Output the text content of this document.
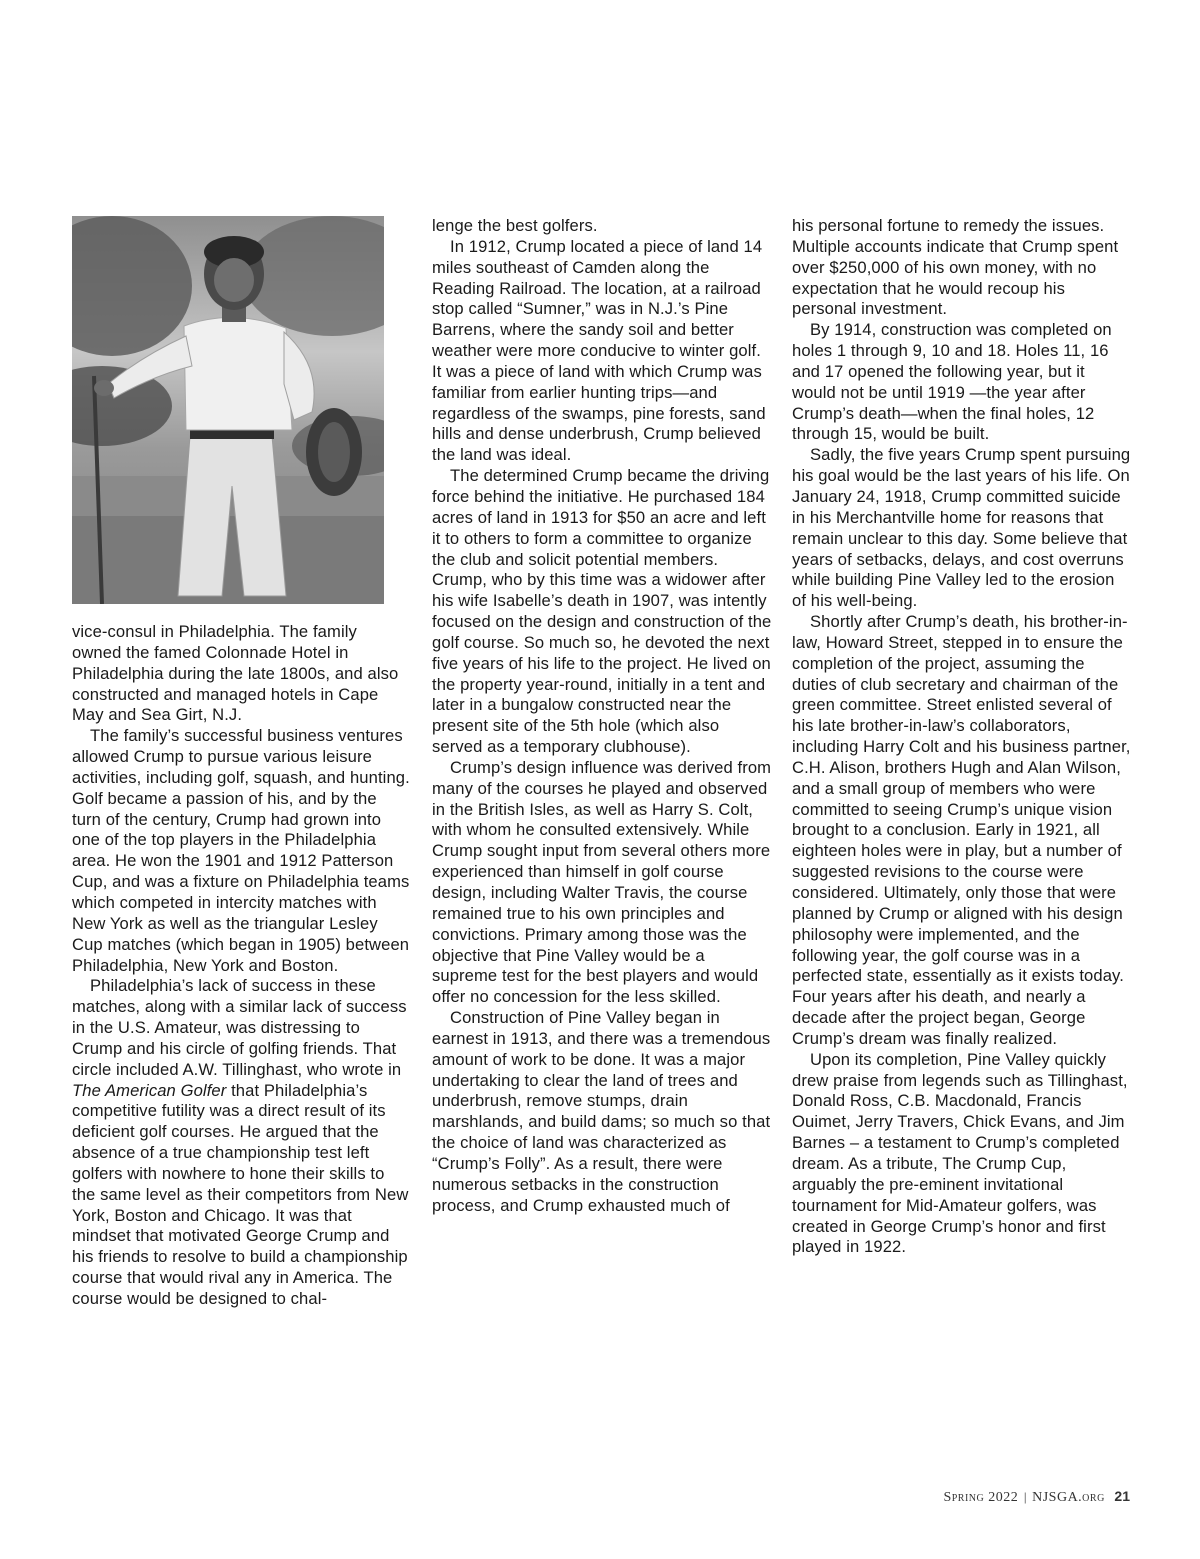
vice-consul in Philadelphia. The family owned the famed Colonnade Hotel in Philadelphia during the late 1800s, and also constructed and managed hotels in Cape May and Sea Girt, N.J.

The family’s successful business ventures allowed Crump to pursue various leisure activities, including golf, squash, and hunting. Golf became a passion of his, and by the turn of the century, Crump had grown into one of the top players in the Philadelphia area. He won the 1901 and 1912 Patterson Cup, and was a fixture on Philadelphia teams which competed in intercity matches with New York as well as the triangular Lesley Cup matches (which began in 1905) between Philadelphia, New York and Boston.

Philadelphia’s lack of success in these matches, along with a similar lack of success in the U.S. Amateur, was distressing to Crump and his circle of golfing friends. That circle included A.W. Tillinghast, who wrote in The American Golfer that Philadelphia’s competitive futility was a direct result of its deficient golf courses. He argued that the absence of a true championship test left golfers with nowhere to hone their skills to the same level as their competitors from New York, Boston and Chicago. It was that mindset that motivated George Crump and his friends to resolve to build a championship course that would rival any in America. The course would be designed to chal-

lenge the best golfers.

In 1912, Crump located a piece of land 14 miles southeast of Camden along the Reading Railroad. The location, at a railroad stop called “Sumner,” was in N.J.’s Pine Barrens, where the sandy soil and better weather were more conducive to winter golf. It was a piece of land with which Crump was familiar from earlier hunting trips—and regardless of the swamps, pine forests, sand hills and dense underbrush, Crump believed the land was ideal.

The determined Crump became the driving force behind the initiative. He purchased 184 acres of land in 1913 for $50 an acre and left it to others to form a committee to organize the club and solicit potential members. Crump, who by this time was a widower after his wife Isabelle’s death in 1907, was intently focused on the design and construction of the golf course. So much so, he devoted the next five years of his life to the project. He lived on the property year-round, initially in a tent and later in a bungalow constructed near the present site of the 5th hole (which also served as a temporary clubhouse).

Crump’s design influence was derived from many of the courses he played and observed in the British Isles, as well as Harry S. Colt, with whom he consulted extensively. While Crump sought input from several others more experienced than himself in golf course design, including Walter Travis, the course remained true to his own principles and convictions. Primary among those was the objective that Pine Valley would be a supreme test for the best players and would offer no concession for the less skilled.

Construction of Pine Valley began in earnest in 1913, and there was a tremendous amount of work to be done. It was a major undertaking to clear the land of trees and underbrush, remove stumps, drain marshlands, and build dams; so much so that the choice of land was characterized as “Crump’s Folly”. As a result, there were numerous setbacks in the construction process, and Crump exhausted much of

his personal fortune to remedy the issues. Multiple accounts indicate that Crump spent over $250,000 of his own money, with no expectation that he would recoup his personal investment.

By 1914, construction was completed on holes 1 through 9, 10 and 18. Holes 11, 16 and 17 opened the following year, but it would not be until 1919 —the year after Crump’s death—when the final holes, 12 through 15, would be built.

Sadly, the five years Crump spent pursuing his goal would be the last years of his life. On January 24, 1918, Crump committed suicide in his Merchantville home for reasons that remain unclear to this day. Some believe that years of setbacks, delays, and cost overruns while building Pine Valley led to the erosion of his well-being.

Shortly after Crump’s death, his brother-in-law, Howard Street, stepped in to ensure the completion of the project, assuming the duties of club secretary and chairman of the green committee. Street enlisted several of his late brother-in-law’s collaborators, including Harry Colt and his business partner, C.H. Alison, brothers Hugh and Alan Wilson, and a small group of members who were committed to seeing Crump’s unique vision brought to a conclusion. Early in 1921, all eighteen holes were in play, but a number of suggested revisions to the course were considered. Ultimately, only those that were planned by Crump or aligned with his design philosophy were implemented, and the following year, the golf course was in a perfected state, essentially as it exists today. Four years after his death, and nearly a decade after the project began, George Crump’s dream was finally realized.

Upon its completion, Pine Valley quickly drew praise from legends such as Tillinghast, Donald Ross, C.B. Macdonald, Francis Ouimet, Jerry Travers, Chick Evans, and Jim Barnes – a testament to Crump’s completed dream. As a tribute, The Crump Cup, arguably the pre-eminent invitational tournament for Mid-Amateur golfers, was created in George Crump’s honor and first played in 1922.

Spring 2022 | NJSGA.org 21
